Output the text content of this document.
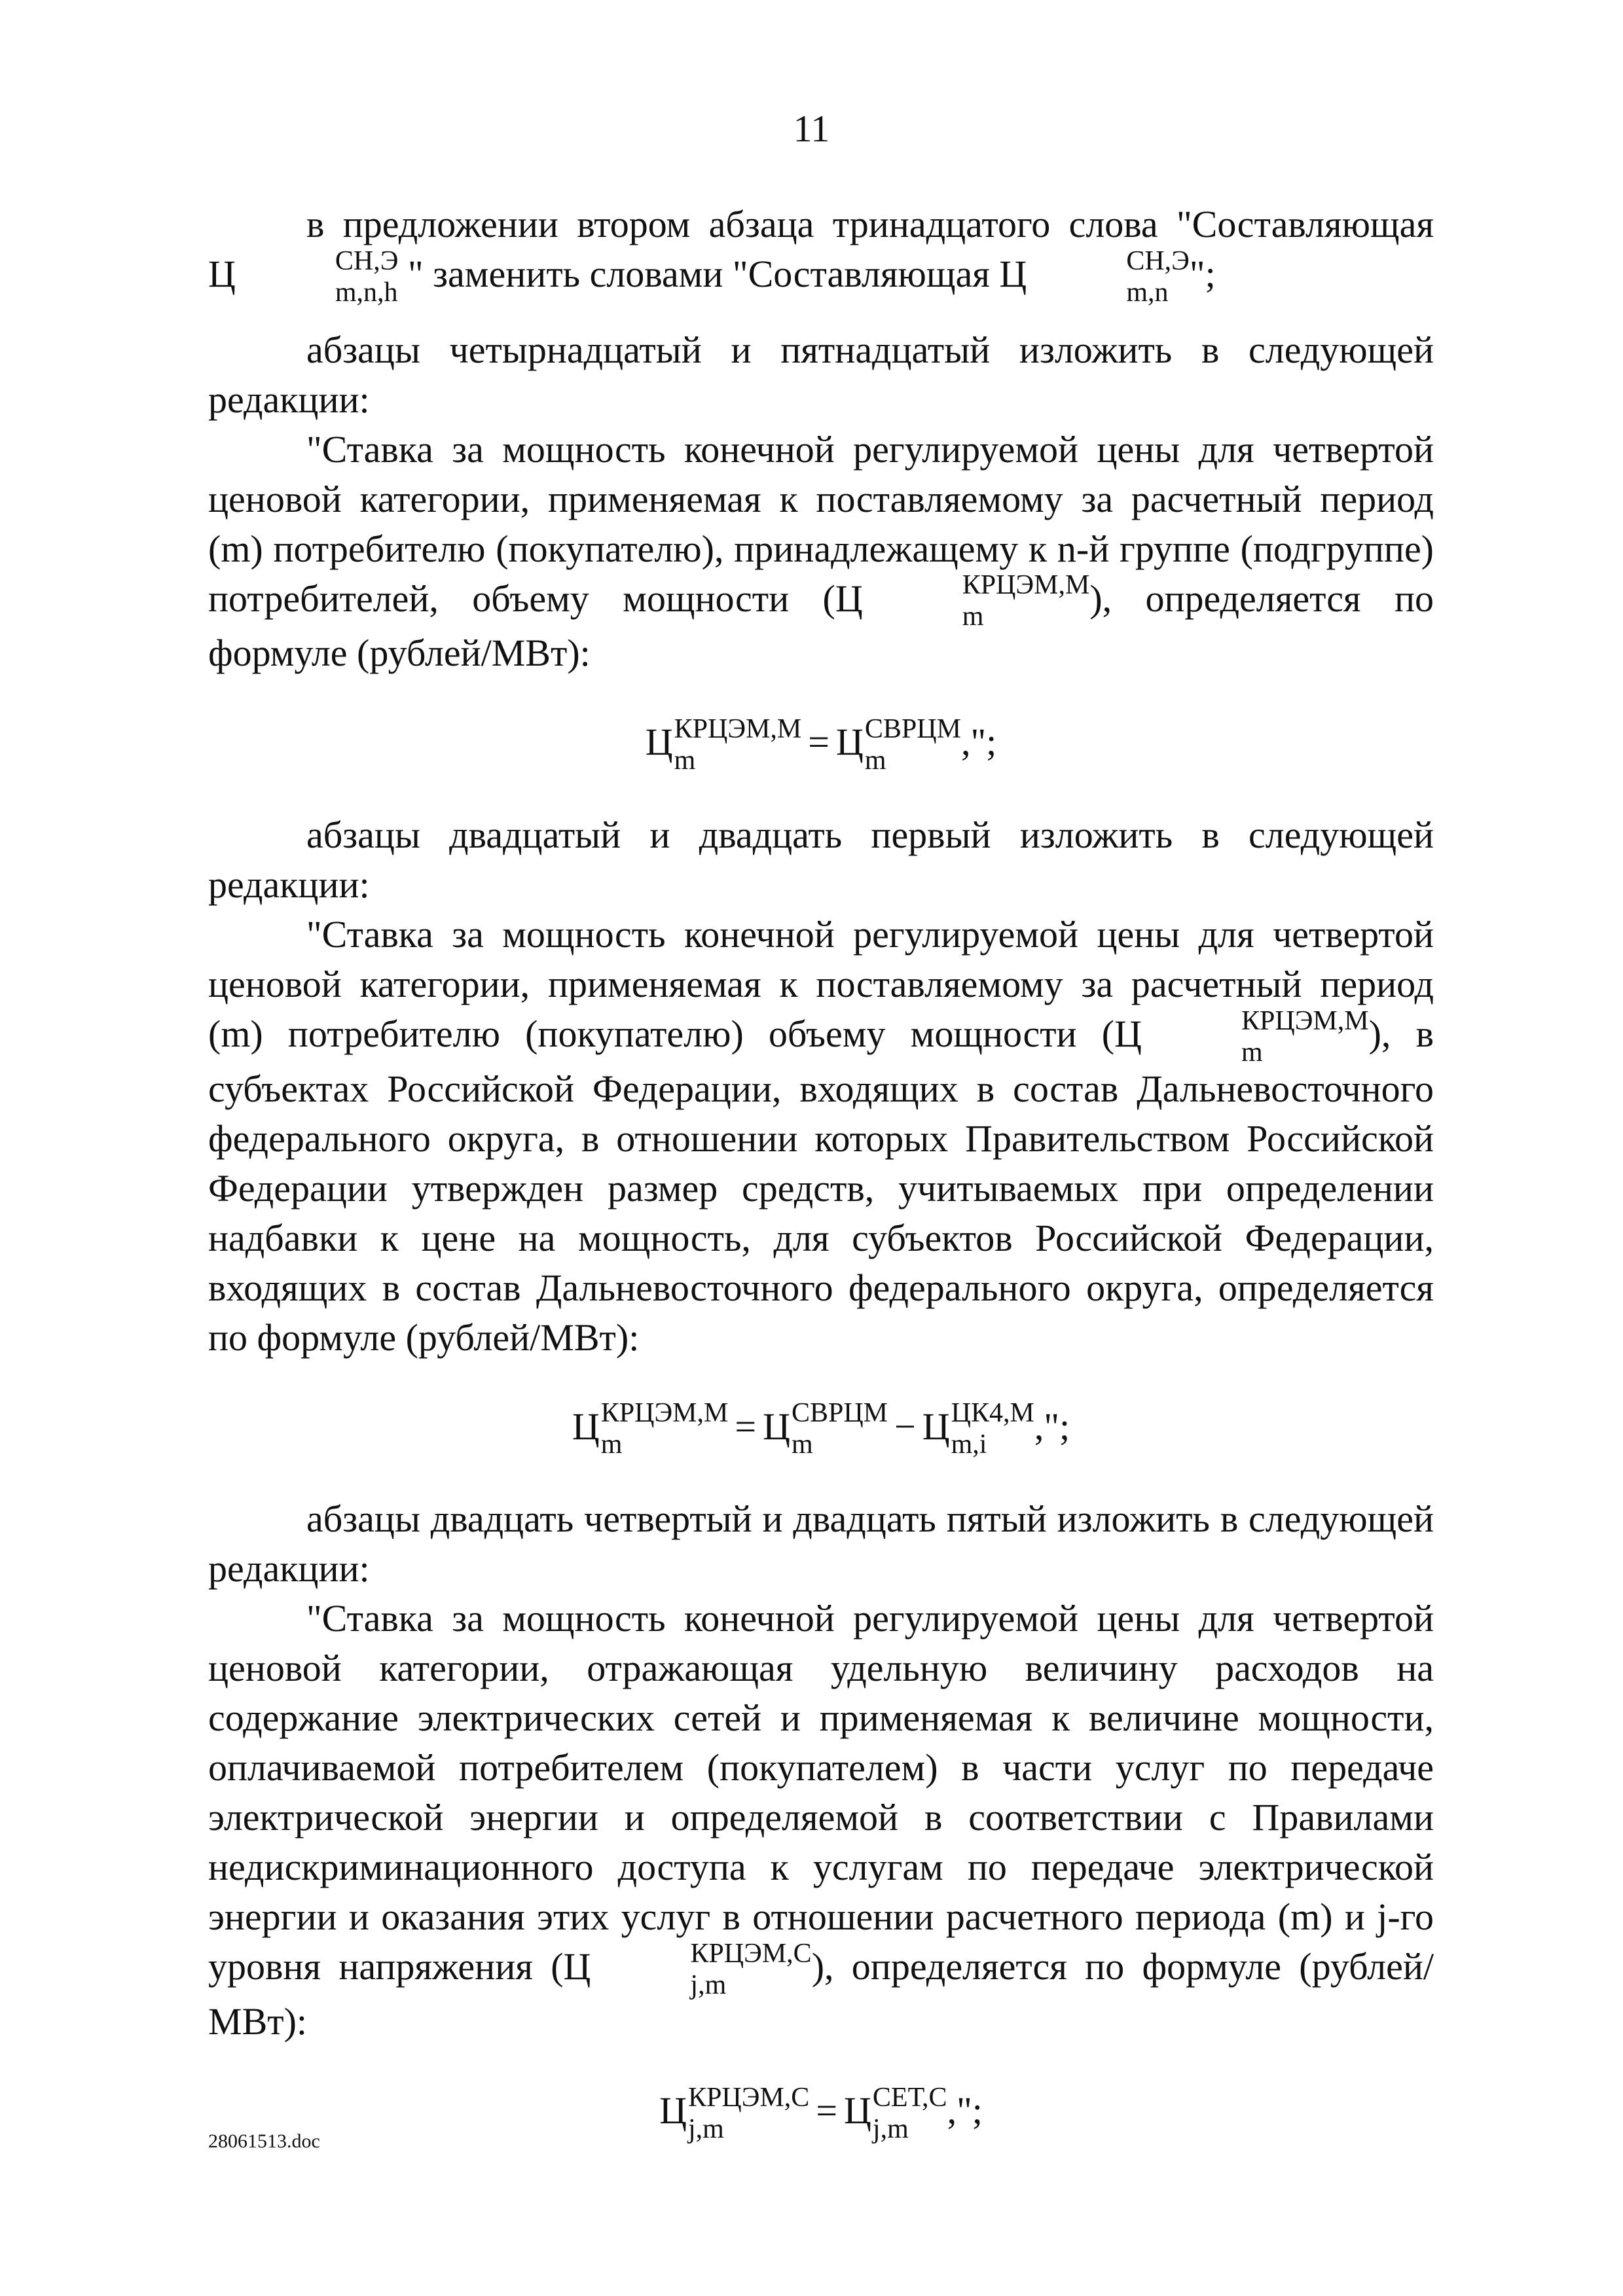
11

в предложении втором абзаца тринадцатого слова "Составляющая Ц	СН,Э
m,n,h " заменить словами "Составляющая Ц	СН,Э
m,n ";

абзацы четырнадцатый и пятнадцатый изложить в следующей редакции:

"Ставка за мощность конечной регулируемой цены для четвертой ценовой категории, применяемая к поставляемому за расчетный период (m) потребителю (покупателю), принадлежащему к n-й группе (подгруппе) потребителей, объему мощности (Ц	КРЦЭМ,М
m	), определяется по формуле (рублей/МВт):

Ц КРЦЭМ,М
m	= Ц СВРЦМ
m	,";

абзацы двадцатый и двадцать первый изложить в следующей редакции:

"Ставка за мощность конечной регулируемой цены для четвертой ценовой категории, применяемая к поставляемому за расчетный период (m) потребителю (покупателю) объему мощности (Ц	КРЦЭМ,М
m	), в субъектах Российской Федерации, входящих в состав Дальневосточного федерального округа, в отношении которых Правительством Российской Федерации утвержден размер средств, учитываемых при определении надбавки к цене на мощность, для субъектов Российской Федерации, входящих в состав Дальневосточного федерального округа, определяется по формуле (рублей/МВт):

Ц КРЦЭМ,М
m	= Ц СВРЦМ
m	− Ц ЦК4,М
m,i	,";

абзацы двадцать четвертый и двадцать пятый изложить в следующей редакции:

"Ставка за мощность конечной регулируемой цены для четвертой ценовой категории, отражающая удельную величину расходов на содержание электрических сетей и применяемая к величине мощности, оплачиваемой потребителем (покупателем) в части услуг по передаче электрической энергии и определяемой в соответствии с Правилами недискриминационного доступа к услугам по передаче электрической энергии и оказания этих услуг в отношении расчетного периода (m) и j-го уровня напряжения (Ц	КРЦЭМ,С
j,m	), определяется по формуле (рублей/МВт):

Ц КРЦЭМ,С
j,m	= Ц СЕТ,С
j,m	,";
28061513.doc
